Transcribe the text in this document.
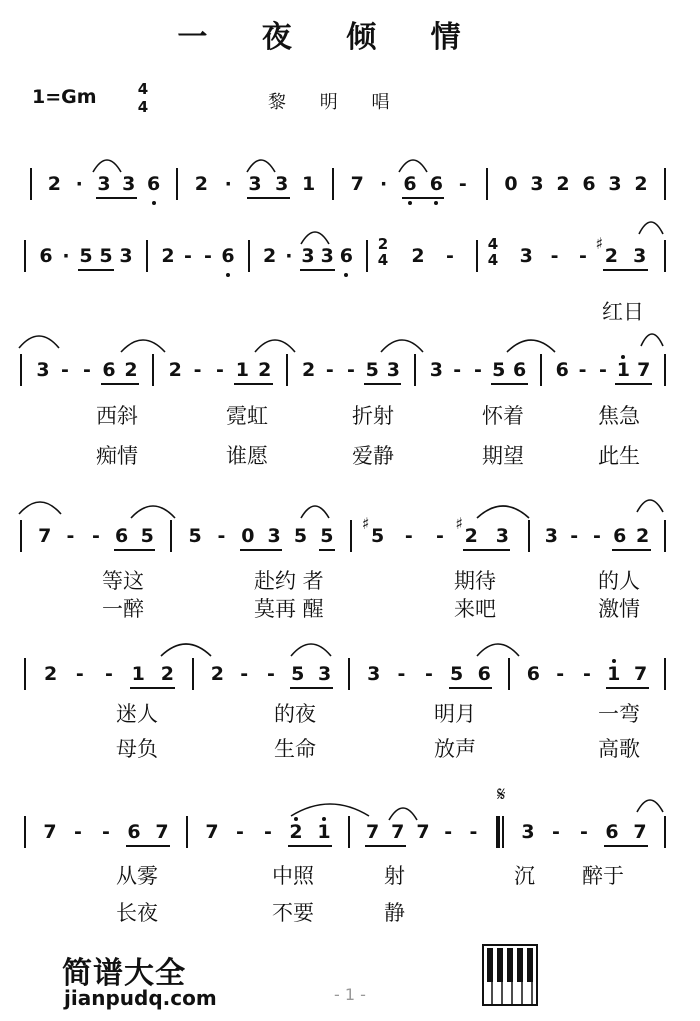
一 夜 倾 情
1=Gm	4
4	黎 明 唱
2 · 3 3 6 2 · 3 3 1 7 · 6 6 - 0 3 2 6 3 2
2
4
4
4
6 · 5 5 3 2 - - 6 2 · 3 3 6	2 -	3 - - 2
♯
3
3 - - 6 2 2 - - 1 2 2 - - 5 3 3 - - 5 6 6 - - 1 7
7 - - 6 5 5 - 0 3 5 5 5
♯
- - 2
♯
3 3 - - 6 2
2 - - 1 2 2 - - 5 3 3 - - 5 6 6 - - 1 7
7 - - 6 7 7 - - 2 1 7 7 7 - - 3 - - 6 7
红日
西斜	霓虹	折射	怀着	焦急
痴情	谁愿	爱静	期望	此生
等这	赴约 者	期待	的人
一醉	莫再 醒	来吧	激情
迷人	的夜	明月	一弯
母负	生命	放声	高歌
从雾	中照	射	沉 醉于
长夜	不要	静
𝄋
- 1 -
简谱大全
jianpudq.com
